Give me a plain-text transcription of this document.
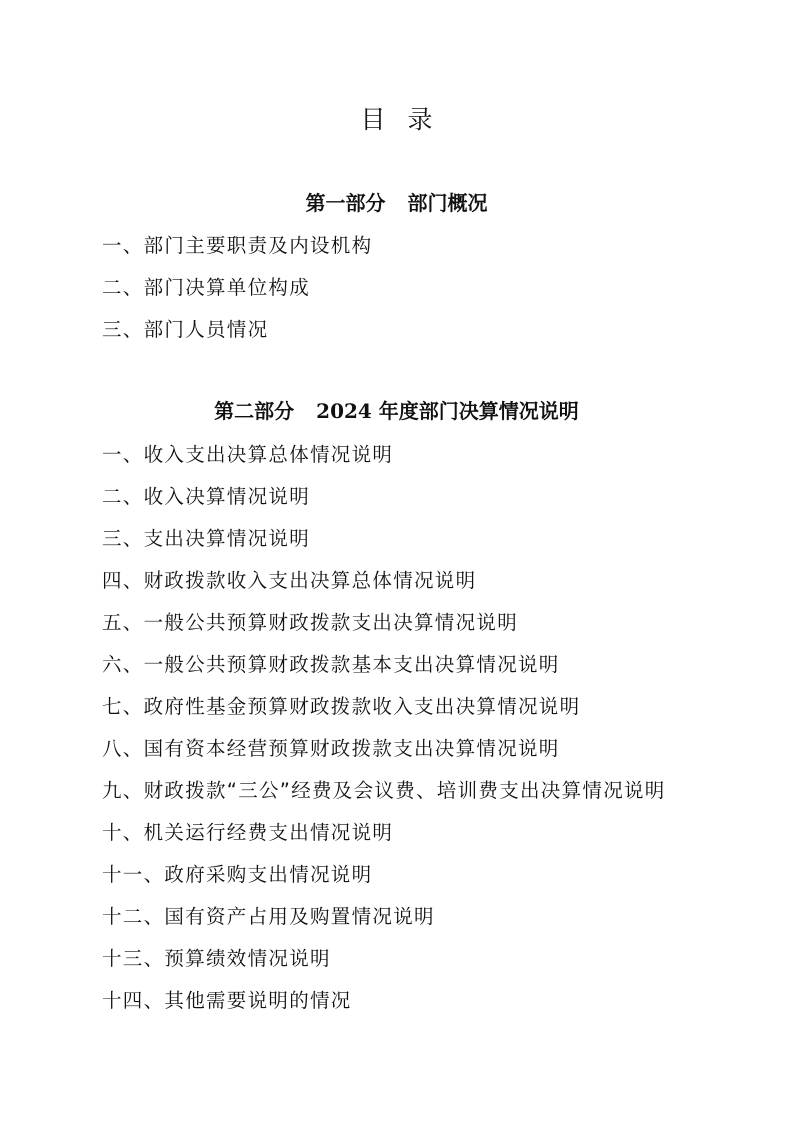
目 录
第一部分 部门概况
一、部门主要职责及内设机构
二、部门决算单位构成
三、部门人员情况
第二部分 2024 年度部门决算情况说明
一、收入支出决算总体情况说明
二、收入决算情况说明
三、支出决算情况说明
四、财政拨款收入支出决算总体情况说明
五、一般公共预算财政拨款支出决算情况说明
六、一般公共预算财政拨款基本支出决算情况说明
七、政府性基金预算财政拨款收入支出决算情况说明
八、国有资本经营预算财政拨款支出决算情况说明
九、财政拨款“三公”经费及会议费、培训费支出决算情况说明
十、机关运行经费支出情况说明
十一、政府采购支出情况说明
十二、国有资产占用及购置情况说明
十三、预算绩效情况说明
十四、其他需要说明的情况
